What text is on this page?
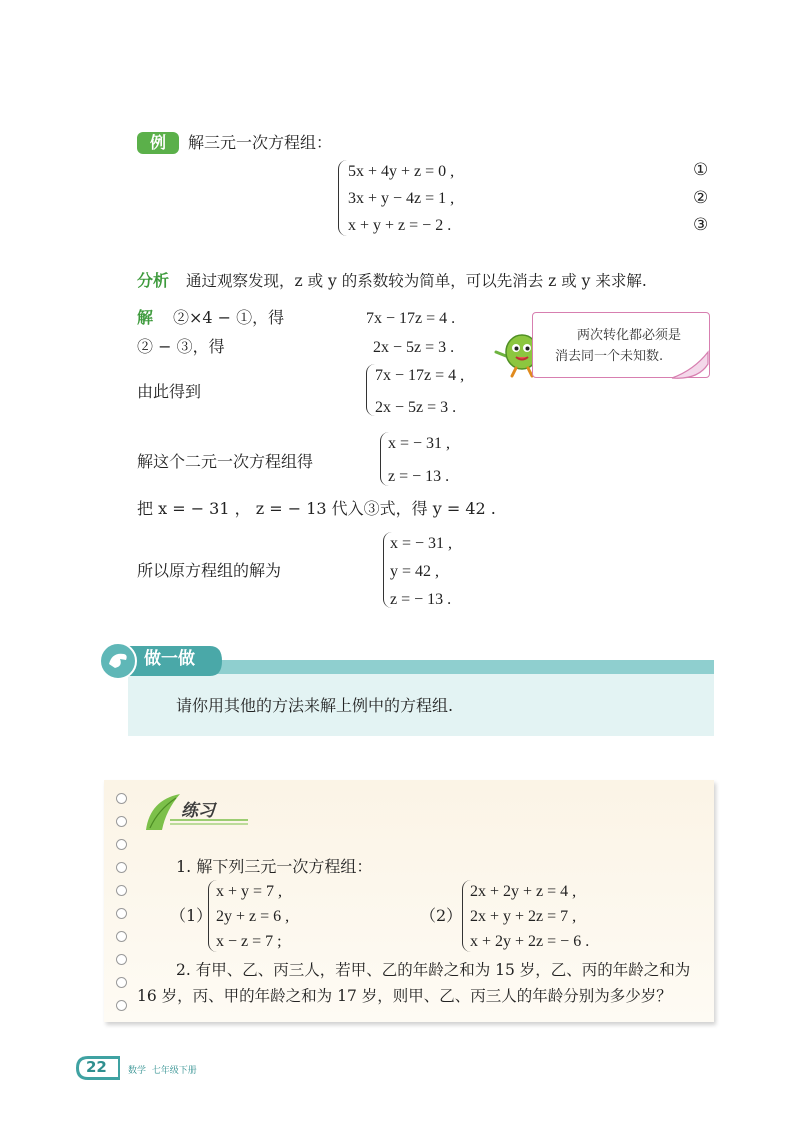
例	解三元一次方程组：
5x + 4y + z = 0 ,	①
3x + y − 4z = 1 ,	②
x + y + z = − 2 .	③
分析 通过观察发现，z 或 y 的系数较为简单，可以先消去 z 或 y 来求解.
解 ②×4 − ①，得	7x − 17z = 4 .
② − ③，得	2x − 5z = 3 .
由此得到
7x − 17z = 4 ,
2x − 5z = 3 .
解这个二元一次方程组得
x = − 31 ,
z = − 13 .
把 x = − 31 ， z = − 13 代入③式，得 y = 42 .
所以原方程组的解为
x = − 31 ,
y = 42 ,
z = − 13 .
两次转化都必须是
消去同一个未知数.
做一做
请你用其他的方法来解上例中的方程组.
练习
1. 解下列三元一次方程组：
（1）
x + y = 7 ,
2y + z = 6 ,
x − z = 7 ;
（2）
2x + 2y + z = 4 ,
2x + y + 2z = 7 ,
x + 2y + 2z = − 6 .
2. 有甲、乙、丙三人，若甲、乙的年龄之和为 15 岁，乙、丙的年龄之和为
16 岁，丙、甲的年龄之和为 17 岁，则甲、乙、丙三人的年龄分别为多少岁？
22 数学  七年级下册
